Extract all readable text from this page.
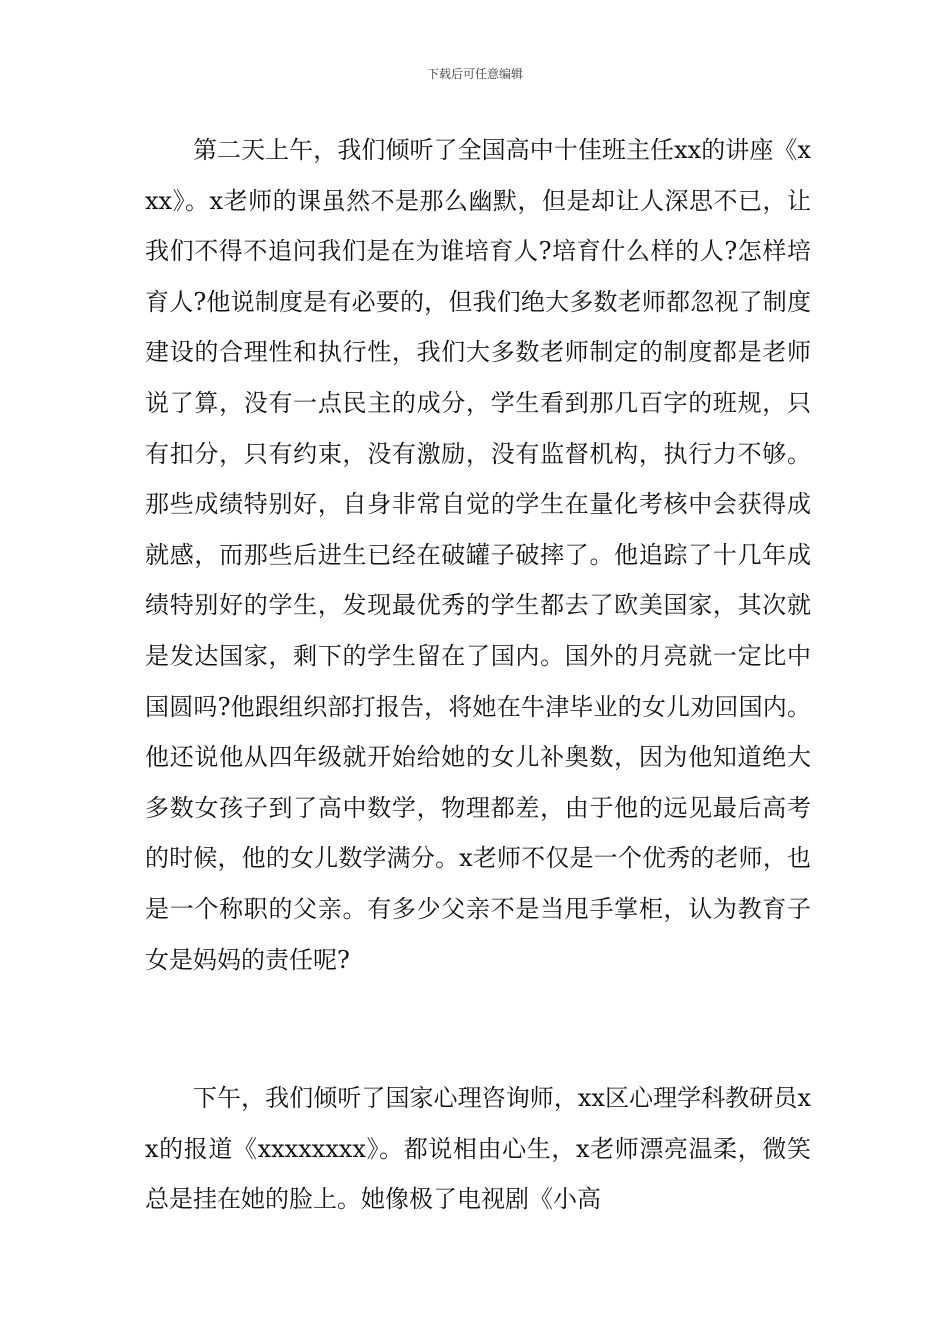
下载后可任意编辑

第二天上午，我们倾听了全国高中十佳班主任xx的讲座《xxx》。x老师的课虽然不是那么幽默，但是却让人深思不已，让我们不得不追问我们是在为谁培育人?培育什么样的人?怎样培育人?他说制度是有必要的，但我们绝大多数老师都忽视了制度建设的合理性和执行性，我们大多数老师制定的制度都是老师说了算，没有一点民主的成分，学生看到那几百字的班规，只有扣分，只有约束，没有激励，没有监督机构，执行力不够。那些成绩特别好，自身非常自觉的学生在量化考核中会获得成就感，而那些后进生已经在破罐子破摔了。他追踪了十几年成绩特别好的学生，发现最优秀的学生都去了欧美国家，其次就是发达国家，剩下的学生留在了国内。国外的月亮就一定比中国圆吗?他跟组织部打报告，将她在牛津毕业的女儿劝回国内。他还说他从四年级就开始给她的女儿补奥数，因为他知道绝大多数女孩子到了高中数学，物理都差，由于他的远见最后高考的时候，他的女儿数学满分。x老师不仅是一个优秀的老师，也是一个称职的父亲。有多少父亲不是当甩手掌柜，认为教育子女是妈妈的责任呢?

下午，我们倾听了国家心理咨询师，xx区心理学科教研员xx的报道《xxxxxxxx》。都说相由心生，x老师漂亮温柔，微笑总是挂在她的脸上。她像极了电视剧《小高
